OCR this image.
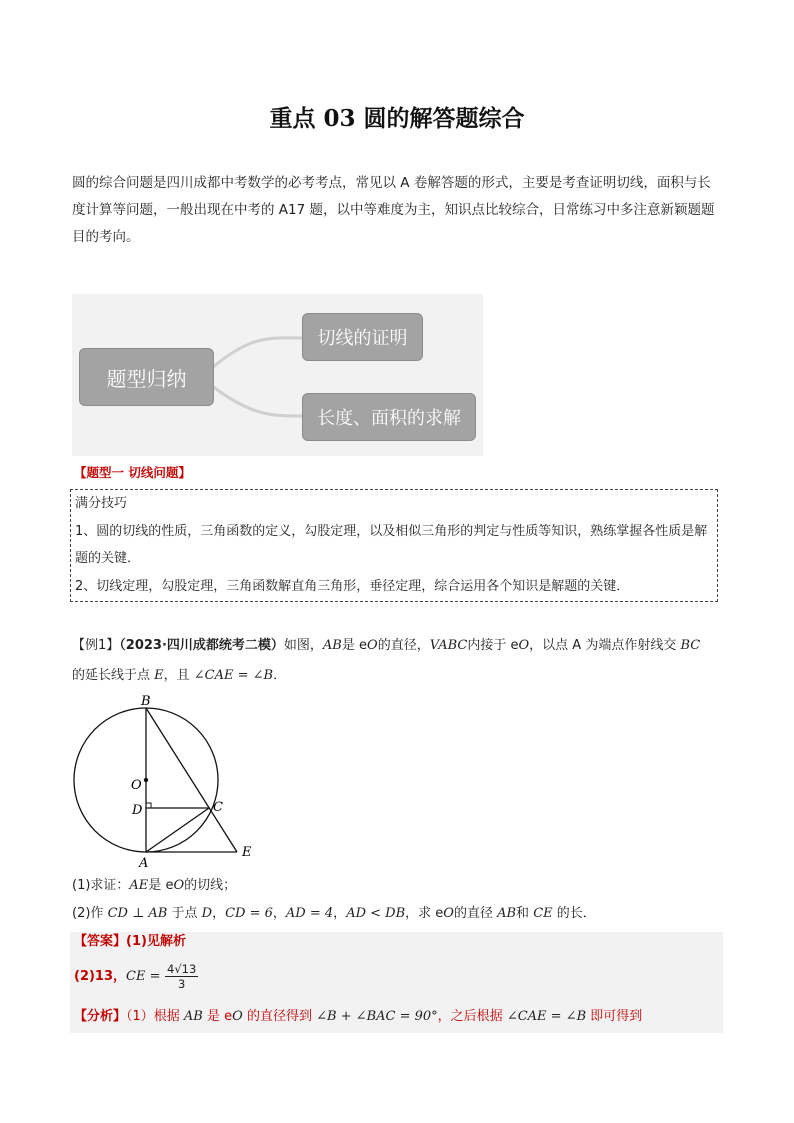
重点 03 圆的解答题综合
圆的综合问题是四川成都中考数学的必考考点，常见以 A 卷解答题的形式，主要是考查证明切线，面积与长度计算等问题，一般出现在中考的 A17 题，以中等难度为主，知识点比较综合，日常练习中多注意新颖题题目的考向。
题型归纳
切线的证明
长度、面积的求解
【题型一 切线问题】
满分技巧
1、圆的切线的性质，三角函数的定义，勾股定理，以及相似三角形的判定与性质等知识，熟练掌握各性质是解题的关键．
2、切线定理，勾股定理，三角函数解直角三角形，垂径定理，综合运用各个知识是解题的关键．
【例1】（2023·四川成都统考二模）如图，AB是 eO的直径，VABC内接于 eO，以点 A 为端点作射线交 BC
的延长线于点 E，且 ∠CAE = ∠B．
B
O
D	C
A
E
(1)求证：AE是 eO的切线；
(2)作 CD ⊥ AB 于点 D，CD = 6，AD = 4，AD < DB，求 eO的直径 AB和 CE 的长．
【答案】(1)见解析
(2)13，CE = $\frac{4√13}{3}$
【分析】（1）根据 AB 是 eO 的直径得到 ∠B + ∠BAC = 90°，之后根据 ∠CAE = ∠B 即可得到
